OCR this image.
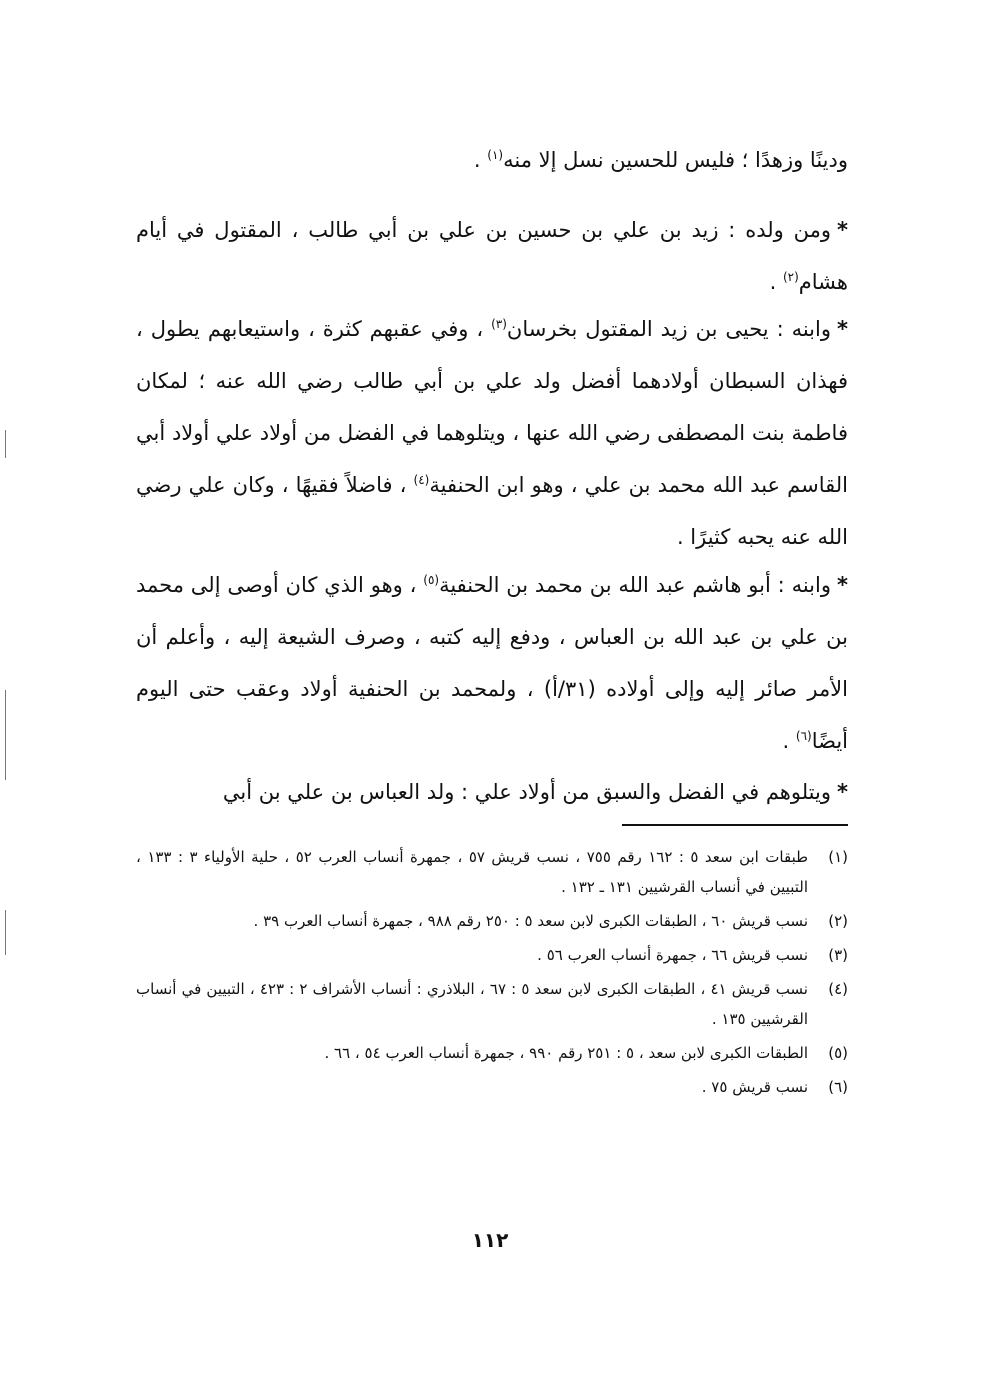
ودينًا وزهدًا ؛ فليس للحسين نسل إلا منه$^{(١)}$ .

*ومن ولده : زيد بن علي بن حسين بن علي بن أبي طالب ، المقتول في أيام هشام$^{(٢)}$ .

*وابنه : يحيى بن زيد المقتول بخرسان$^{(٣)}$ ، وفي عقبهم كثرة ، واستيعابهم يطول ، فهذان السبطان أولادهما أفضل ولد علي بن أبي طالب رضي الله عنه ؛ لمكان فاطمة بنت المصطفى رضي الله عنها ، ويتلوهما في الفضل من أولاد علي أولاد أبي القاسم عبد الله محمد بن علي ، وهو ابن الحنفية$^{(٤)}$ ، فاضلاً فقيهًا ، وكان علي رضي الله عنه يحبه كثيرًا .

*وابنه : أبو هاشم عبد الله بن محمد بن الحنفية$^{(٥)}$ ، وهو الذي كان أوصى إلى محمد بن علي بن عبد الله بن العباس ، ودفع إليه كتبه ، وصرف الشيعة إليه ، وأعلم أن الأمر صائر إليه وإلى أولاده (٣١/أ) ، ولمحمد بن الحنفية أولاد وعقب حتى اليوم أيضًا$^{(٦)}$ .

*ويتلوهم في الفضل والسبق من أولاد علي : ولد العباس بن علي بن أبي

(١)
طبقات ابن سعد ٥ : ١٦٢ رقم ٧٥٥ ، نسب قريش ٥٧ ، جمهرة أنساب العرب ٥٢ ، حلية الأولياء ٣ : ١٣٣ ، التبيين في أنساب القرشيين ١٣١ ـ ١٣٢ .
(٢)
نسب قريش ٦٠ ، الطبقات الكبرى لابن سعد ٥ : ٢٥٠ رقم ٩٨٨ ، جمهرة أنساب العرب ٣٩ .
(٣)
نسب قريش ٦٦ ، جمهرة أنساب العرب ٥٦ .
(٤)
نسب قريش ٤١ ، الطبقات الكبرى لابن سعد ٥ : ٦٧ ، البلاذري : أنساب الأشراف ٢ : ٤٢٣ ، التبيين في أنساب القرشيين ١٣٥ .
(٥)
الطبقات الكبرى لابن سعد ، ٥ : ٢٥١ رقم ٩٩٠ ، جمهرة أنساب العرب ٥٤ ، ٦٦ .
(٦)
نسب قريش ٧٥ .
١١٢
